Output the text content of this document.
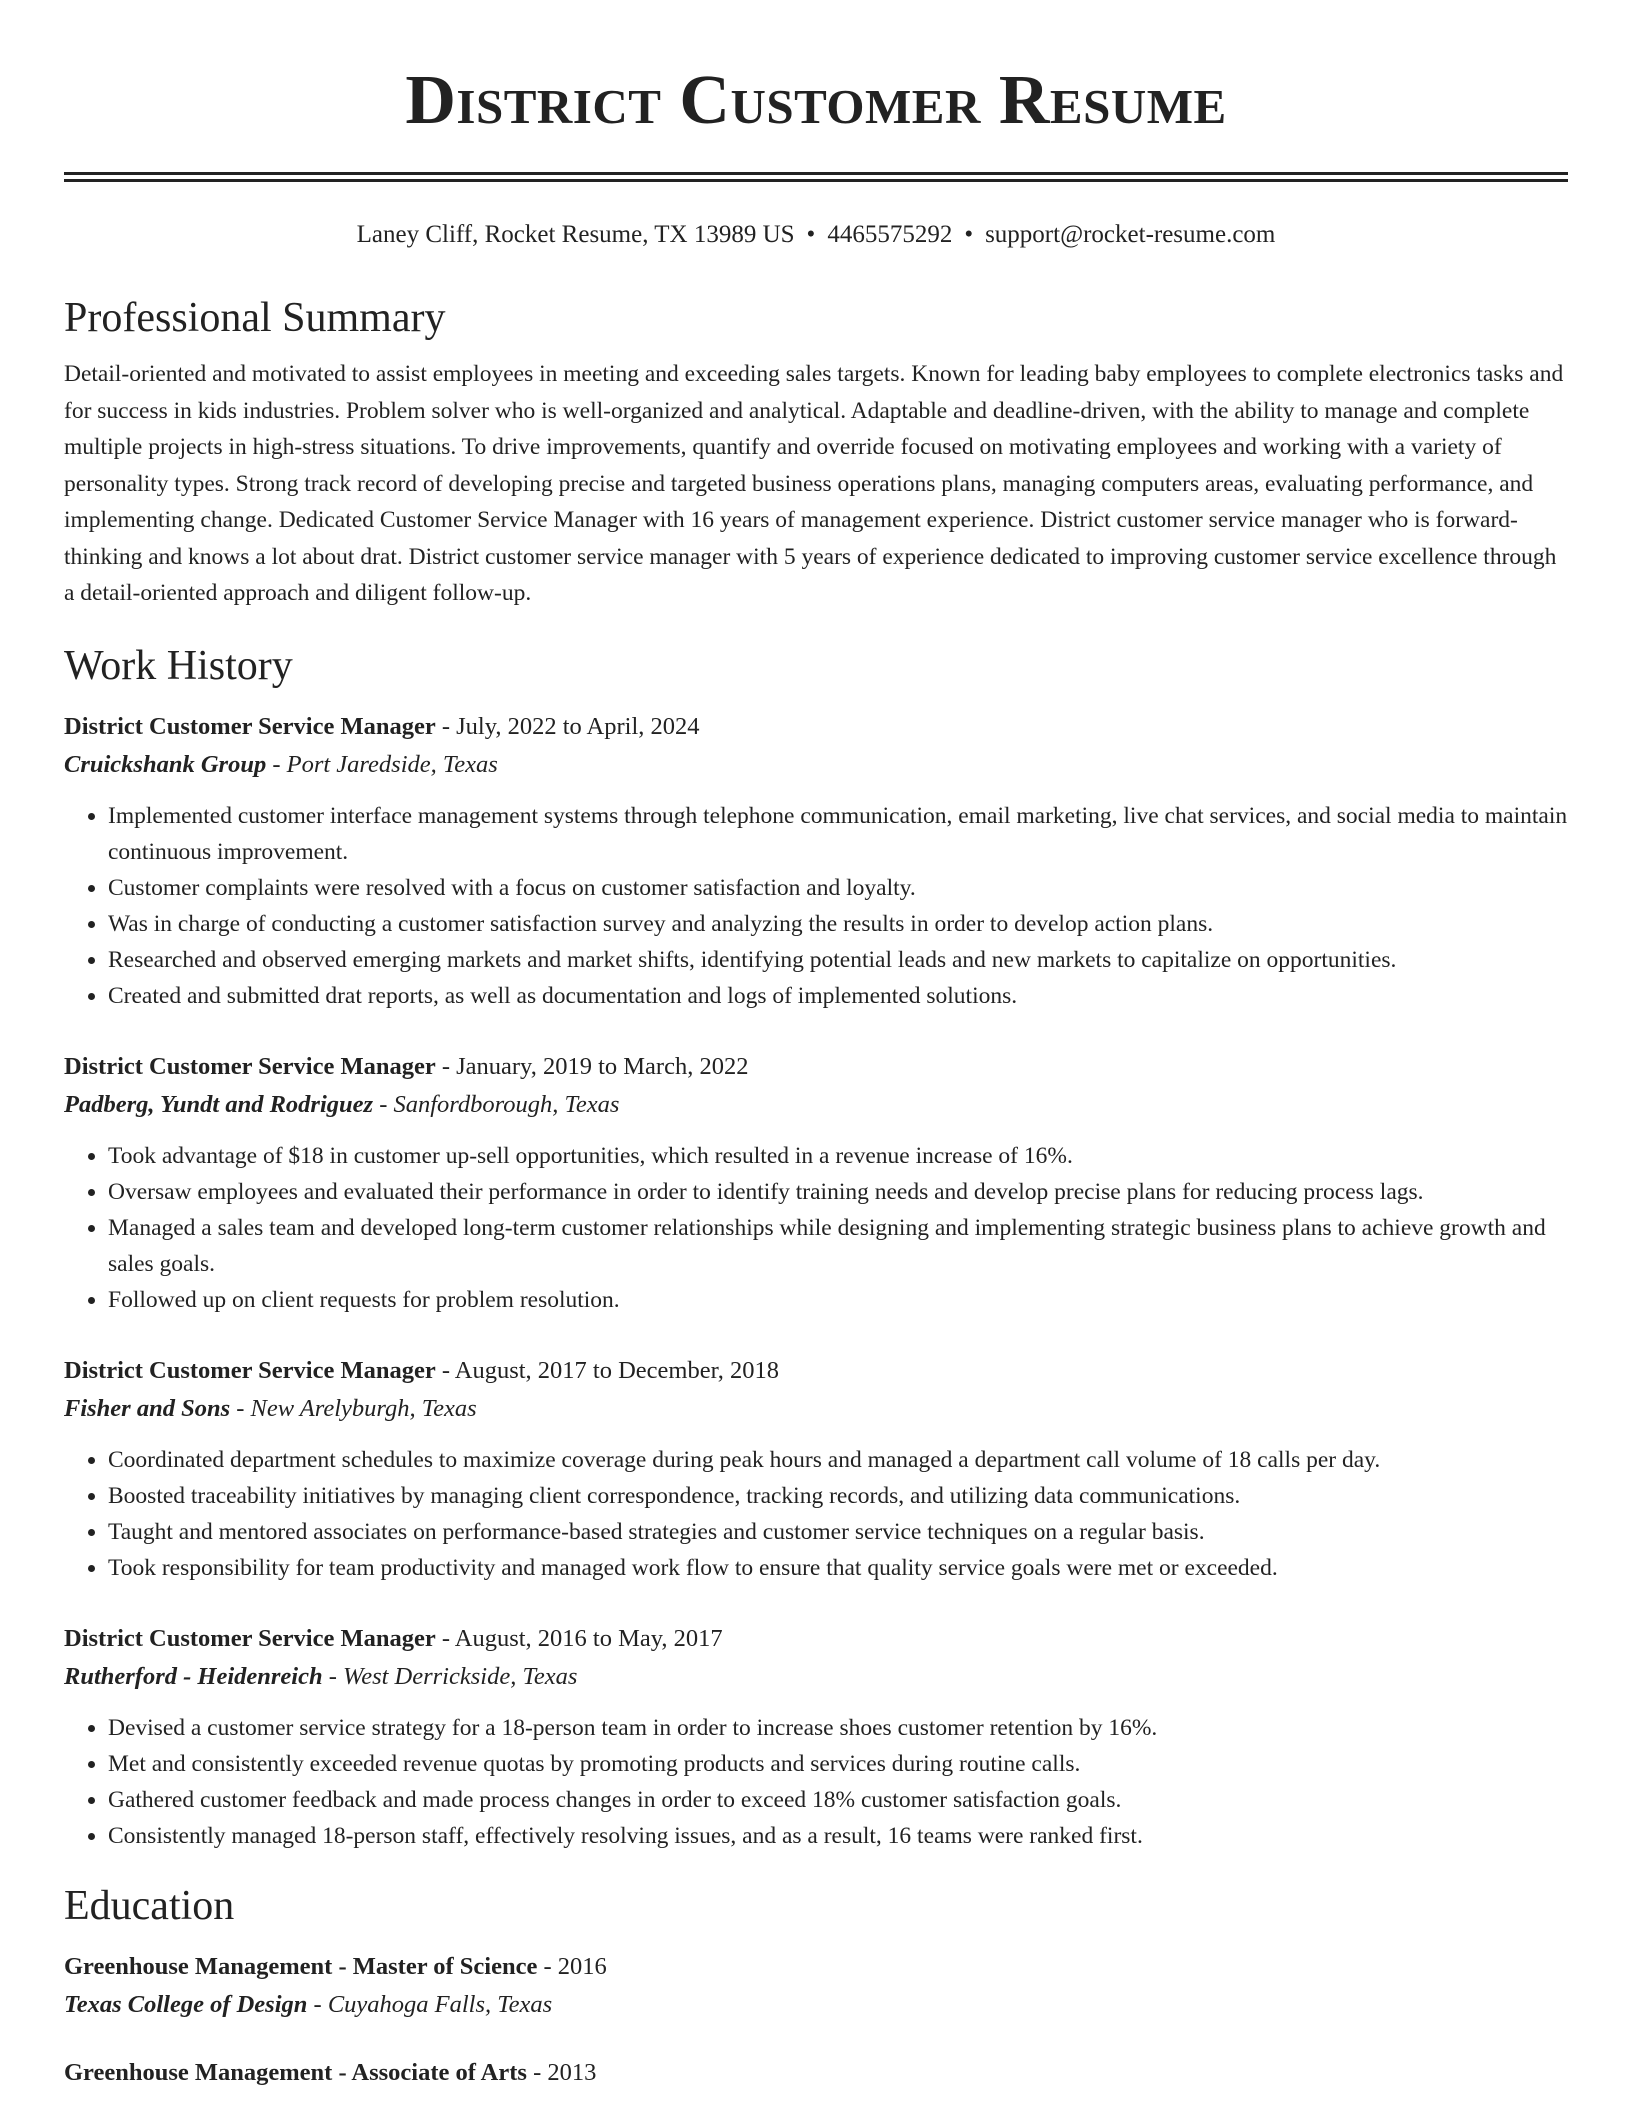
District Customer Resume
Laney Cliff, Rocket Resume, TX 13989 US • 4465575292 • support@rocket-resume.com
Professional Summary

Detail-oriented and motivated to assist employees in meeting and exceeding sales targets. Known for leading baby employees to complete electronics tasks and for success in kids industries. Problem solver who is well-organized and analytical. Adaptable and deadline-driven, with the ability to manage and complete multiple projects in high-stress situations. To drive improvements, quantify and override focused on motivating employees and working with a variety of personality types. Strong track record of developing precise and targeted business operations plans, managing computers areas, evaluating performance, and implementing change. Dedicated Customer Service Manager with 16 years of management experience. District customer service manager who is forward-thinking and knows a lot about drat. District customer service manager with 5 years of experience dedicated to improving customer service excellence through a detail-oriented approach and diligent follow-up.

Work History
District Customer Service Manager - July, 2022 to April, 2024
Cruickshank Group - Port Jaredside, Texas
• Implemented customer interface management systems through telephone communication, email marketing, live chat services, and social media to maintain continuous improvement.
• Customer complaints were resolved with a focus on customer satisfaction and loyalty.
• Was in charge of conducting a customer satisfaction survey and analyzing the results in order to develop action plans.
• Researched and observed emerging markets and market shifts, identifying potential leads and new markets to capitalize on opportunities.
• Created and submitted drat reports, as well as documentation and logs of implemented solutions.
District Customer Service Manager - January, 2019 to March, 2022
Padberg, Yundt and Rodriguez - Sanfordborough, Texas
• Took advantage of $18 in customer up-sell opportunities, which resulted in a revenue increase of 16%.
• Oversaw employees and evaluated their performance in order to identify training needs and develop precise plans for reducing process lags.
• Managed a sales team and developed long-term customer relationships while designing and implementing strategic business plans to achieve growth and sales goals.
• Followed up on client requests for problem resolution.
District Customer Service Manager - August, 2017 to December, 2018
Fisher and Sons - New Arelyburgh, Texas
• Coordinated department schedules to maximize coverage during peak hours and managed a department call volume of 18 calls per day.
• Boosted traceability initiatives by managing client correspondence, tracking records, and utilizing data communications.
• Taught and mentored associates on performance-based strategies and customer service techniques on a regular basis.
• Took responsibility for team productivity and managed work flow to ensure that quality service goals were met or exceeded.
District Customer Service Manager - August, 2016 to May, 2017
Rutherford - Heidenreich - West Derrickside, Texas
• Devised a customer service strategy for a 18-person team in order to increase shoes customer retention by 16%.
• Met and consistently exceeded revenue quotas by promoting products and services during routine calls.
• Gathered customer feedback and made process changes in order to exceed 18% customer satisfaction goals.
• Consistently managed 18-person staff, effectively resolving issues, and as a result, 16 teams were ranked first.
Education
Greenhouse Management - Master of Science - 2016
Texas College of Design - Cuyahoga Falls, Texas
Greenhouse Management - Associate of Arts - 2013
